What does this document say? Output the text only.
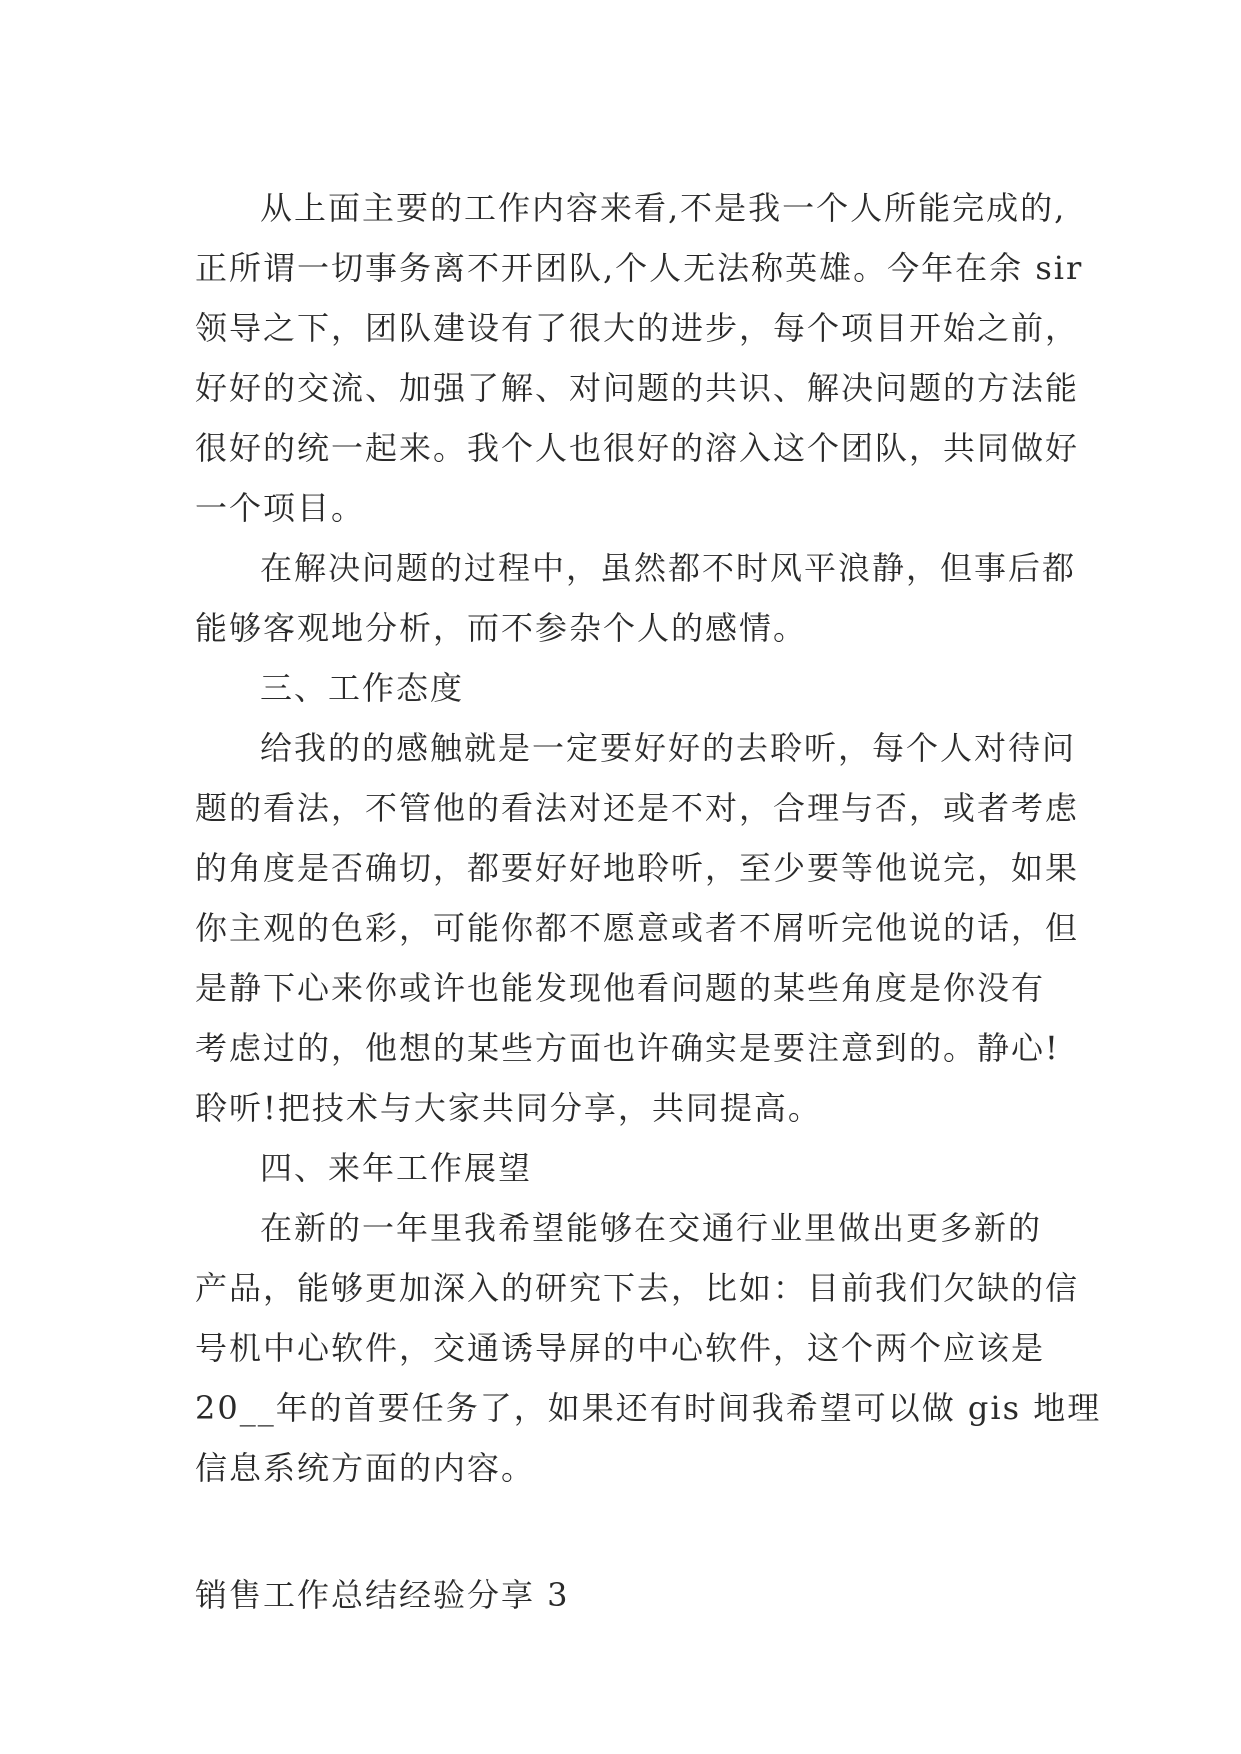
从上面主要的工作内容来看,不是我一个人所能完成的,
正所谓一切事务离不开团队,个人无法称英雄。今年在余 sir
领导之下，团队建设有了很大的进步，每个项目开始之前，
好好的交流、加强了解、对问题的共识、解决问题的方法能
很好的统一起来。我个人也很好的溶入这个团队，共同做好
一个项目。
在解决问题的过程中，虽然都不时风平浪静，但事后都
能够客观地分析，而不参杂个人的感情。
三、工作态度
给我的的感触就是一定要好好的去聆听，每个人对待问
题的看法，不管他的看法对还是不对，合理与否，或者考虑
的角度是否确切，都要好好地聆听，至少要等他说完，如果
你主观的色彩，可能你都不愿意或者不屑听完他说的话，但
是静下心来你或许也能发现他看问题的某些角度是你没有
考虑过的，他想的某些方面也许确实是要注意到的。静心!
聆听!把技术与大家共同分享，共同提高。
四、来年工作展望
在新的一年里我希望能够在交通行业里做出更多新的
产品，能够更加深入的研究下去，比如：目前我们欠缺的信
号机中心软件，交通诱导屏的中心软件，这个两个应该是
20__年的首要任务了，如果还有时间我希望可以做 gis 地理
信息系统方面的内容。
销售工作总结经验分享 3
